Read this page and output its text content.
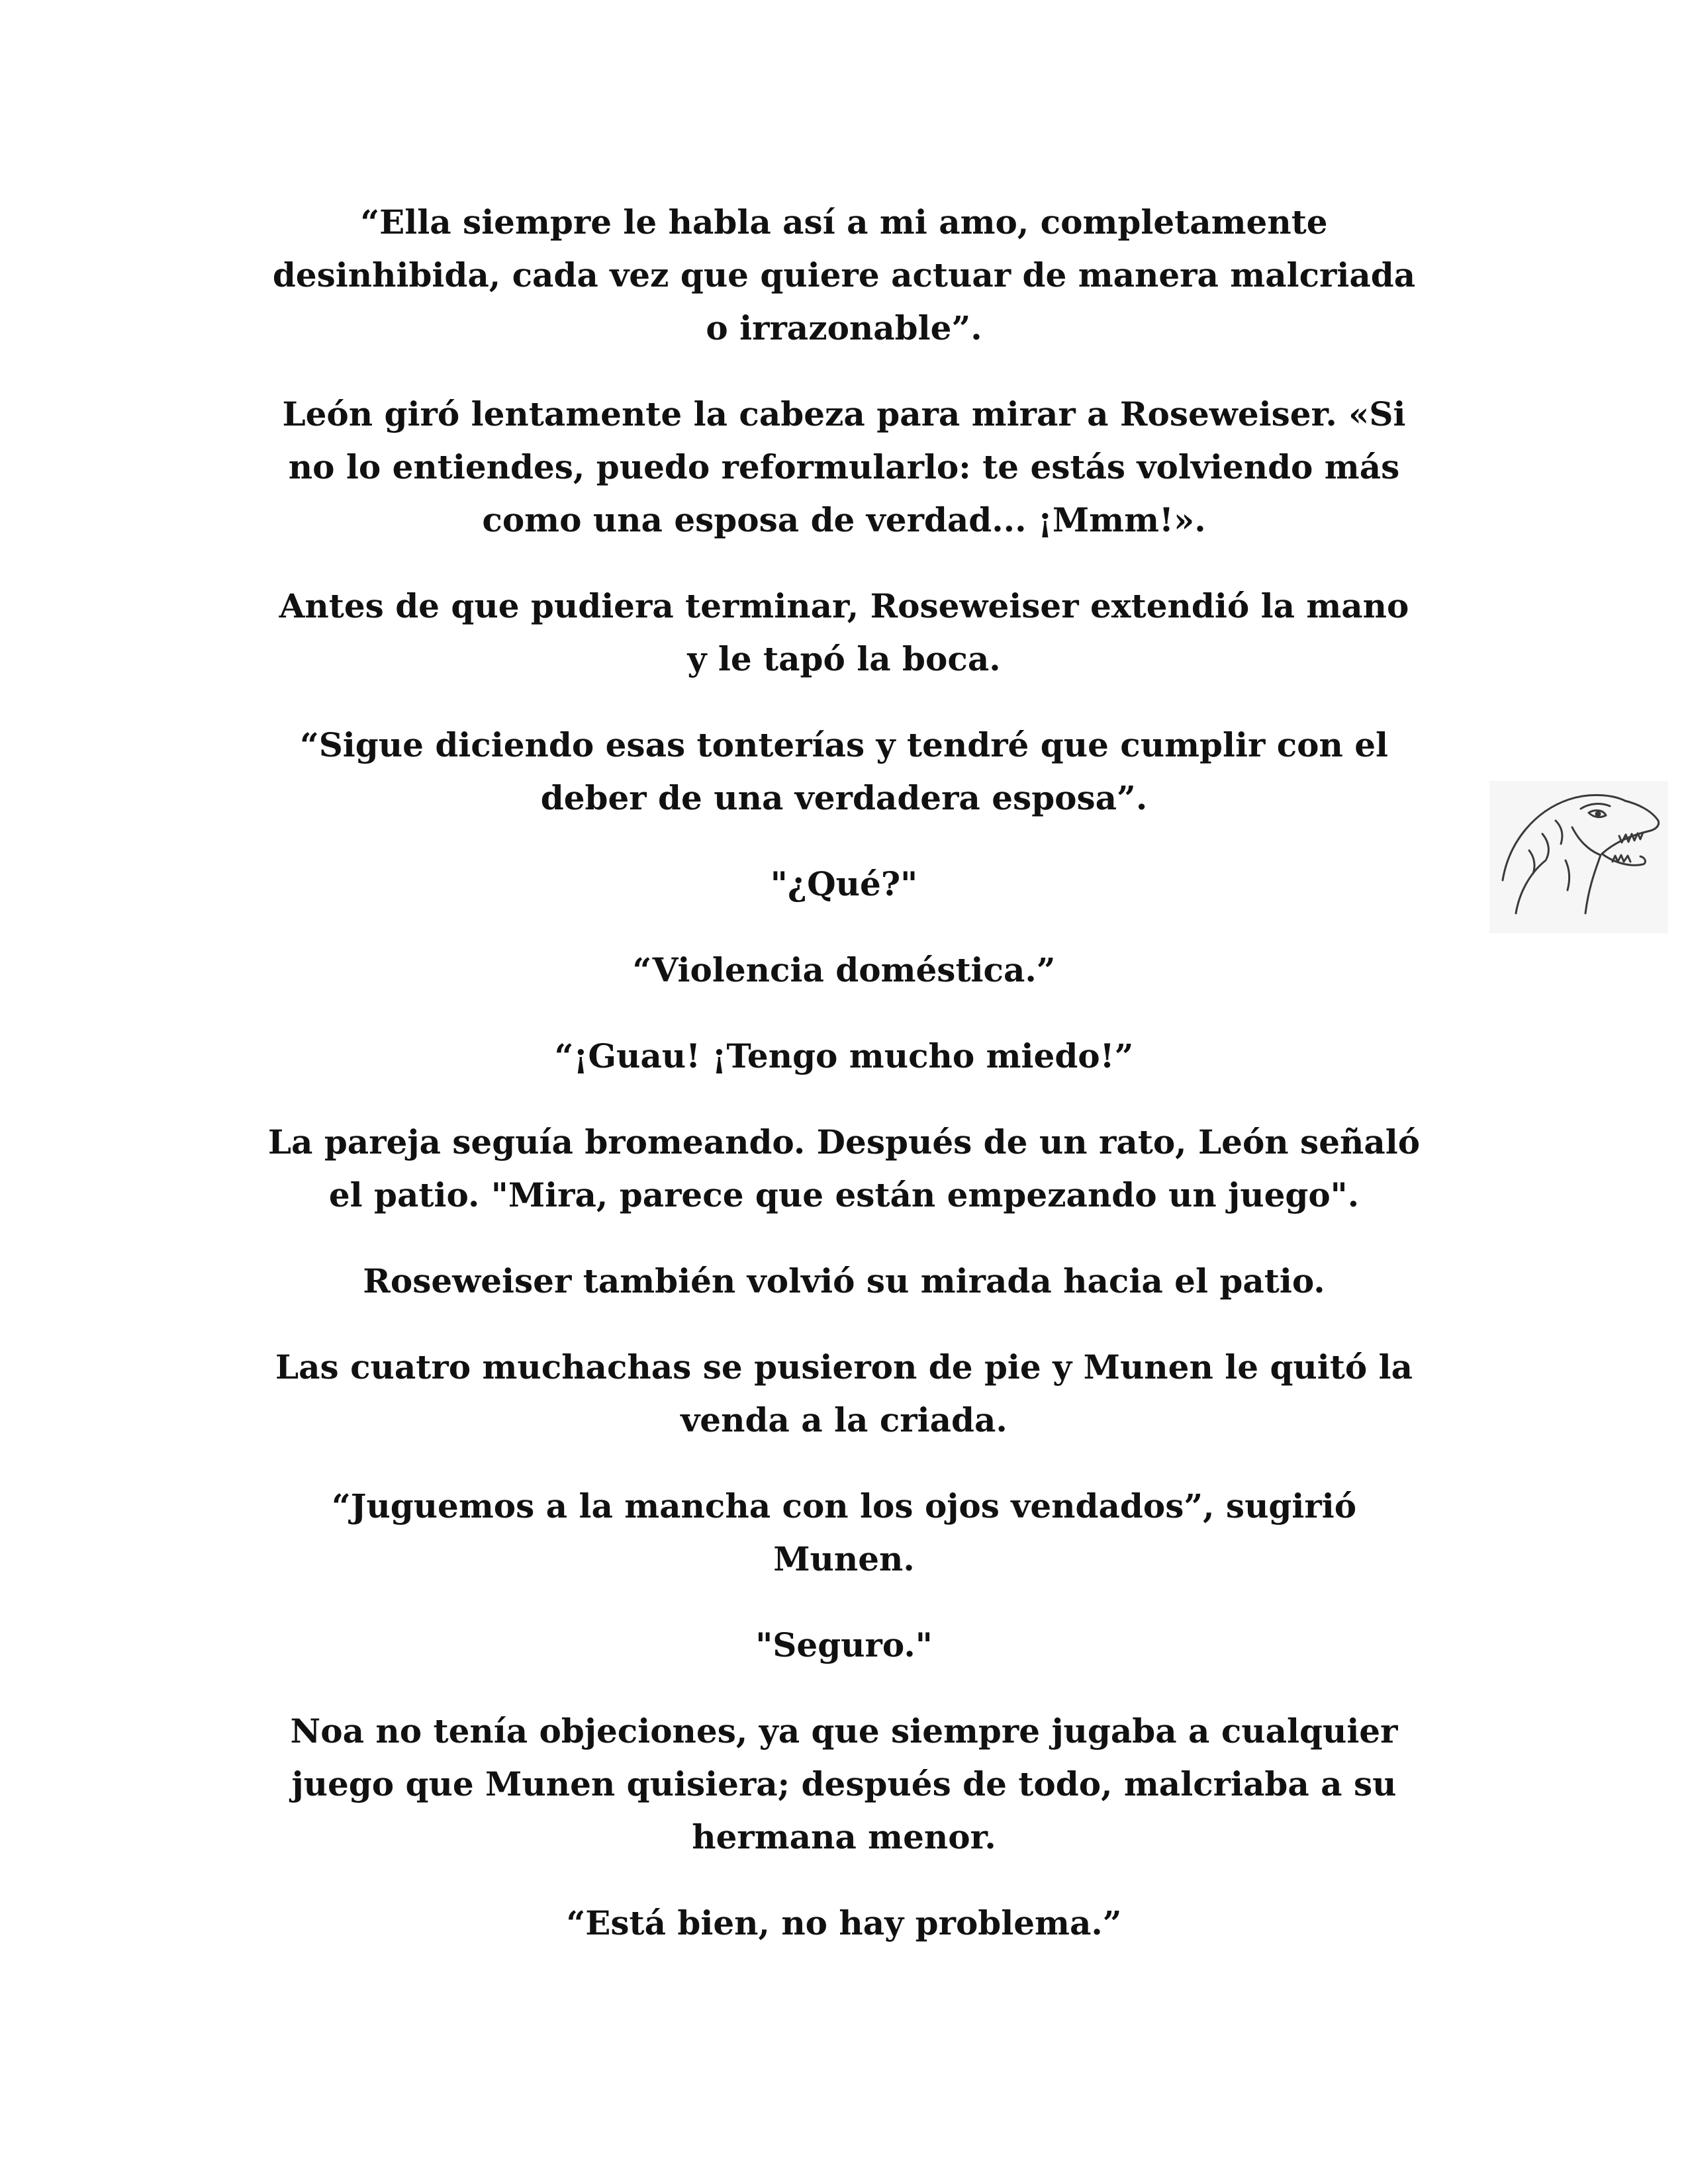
“Ella siempre le habla así a mi amo, completamente
desinhibida, cada vez que quiere actuar de manera malcriada
o irrazonable”.

León giró lentamente la cabeza para mirar a Roseweiser. «Si
no lo entiendes, puedo reformularlo: te estás volviendo más
como una esposa de verdad... ¡Mmm!».

Antes de que pudiera terminar, Roseweiser extendió la mano
y le tapó la boca.

“Sigue diciendo esas tonterías y tendré que cumplir con el
deber de una verdadera esposa”.

"¿Qué?"

“Violencia doméstica.”

“¡Guau! ¡Tengo mucho miedo!”

La pareja seguía bromeando. Después de un rato, León señaló
el patio. "Mira, parece que están empezando un juego".

Roseweiser también volvió su mirada hacia el patio.

Las cuatro muchachas se pusieron de pie y Munen le quitó la
venda a la criada.

“Juguemos a la mancha con los ojos vendados”, sugirió
Munen.

"Seguro."

Noa no tenía objeciones, ya que siempre jugaba a cualquier
juego que Munen quisiera; después de todo, malcriaba a su
hermana menor.

“Está bien, no hay problema.”
